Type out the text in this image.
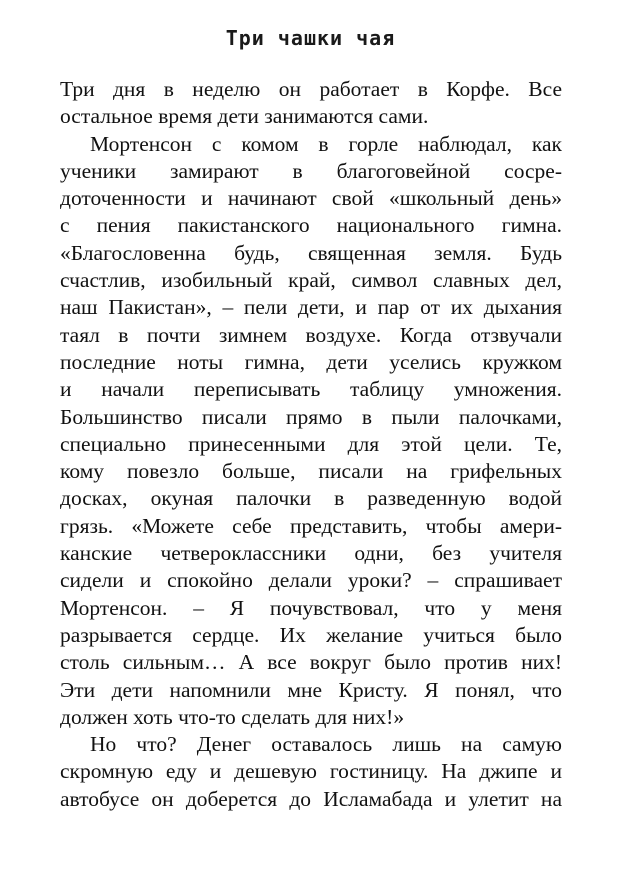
Три чашки чая
Три дня в неделю он работает в Корфе. Все
остальное время дети занимаются сами.
Мортенсон с комом в горле наблюдал, как
ученики замирают в благоговейной сосре-
доточенности и начинают свой «школьный день»
с пения пакистанского национального гимна.
«Благословенна будь, священная земля. Будь
счастлив, изобильный край, символ славных дел,
наш Пакистан», – пели дети, и пар от их дыхания
таял в почти зимнем воздухе. Когда отзвучали
последние ноты гимна, дети уселись кружком
и начали переписывать таблицу умножения.
Большинство писали прямо в пыли палочками,
специально принесенными для этой цели. Те,
кому повезло больше, писали на грифельных
досках, окуная палочки в разведенную водой
грязь. «Можете себе представить, чтобы амери-
канские четвероклассники одни, без учителя
сидели и спокойно делали уроки? – спрашивает
Мортенсон. – Я почувствовал, что у меня
разрывается сердце. Их желание учиться было
столь сильным… А все вокруг было против них!
Эти дети напомнили мне Кристу. Я понял, что
должен хоть что-то сделать для них!»
Но что? Денег оставалось лишь на самую
скромную еду и дешевую гостиницу. На джипе и
автобусе он доберется до Исламабада и улетит на
